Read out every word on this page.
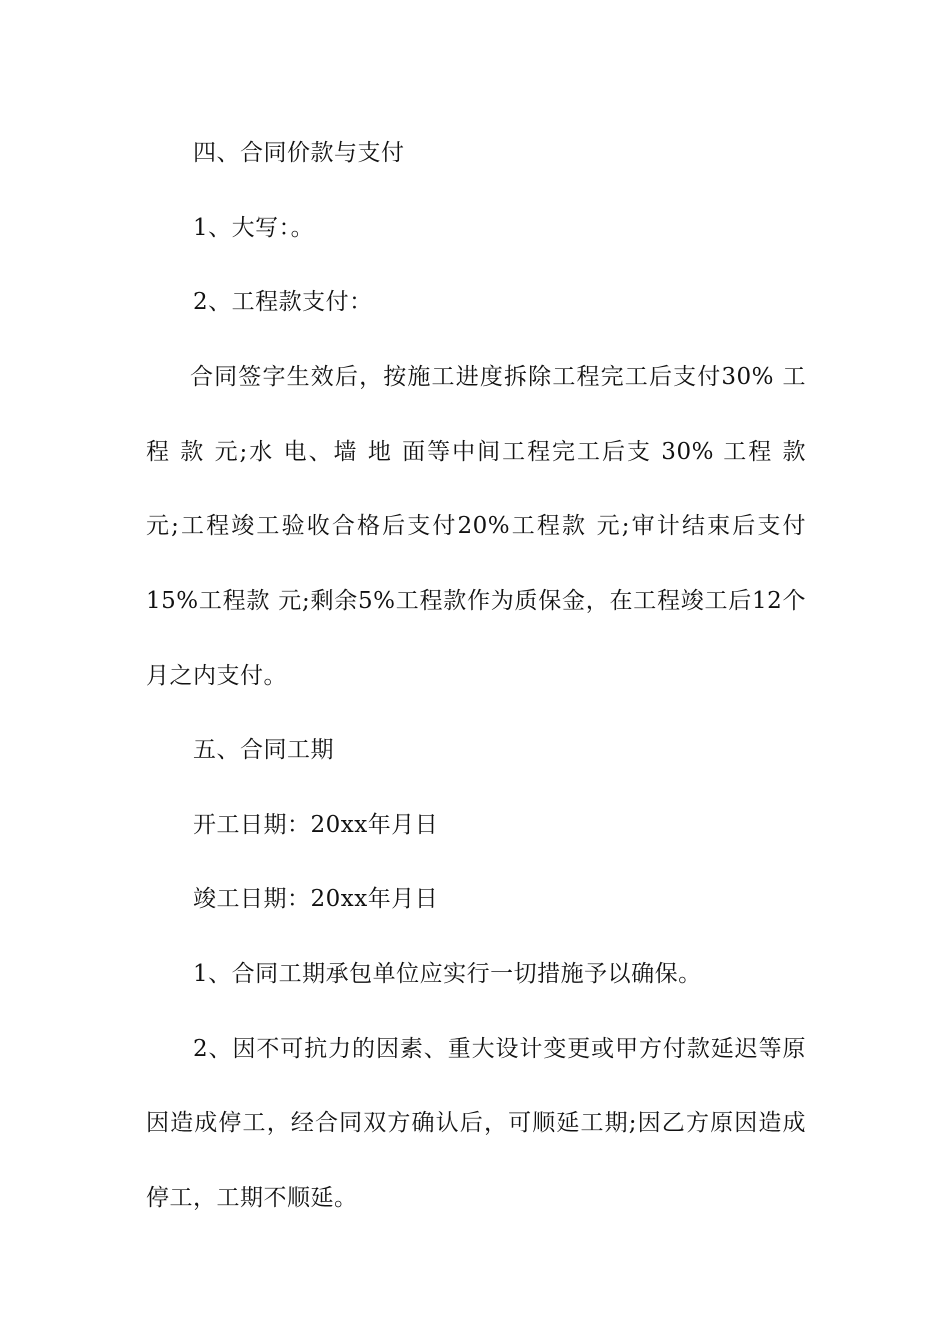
四、合同价款与支付
1、大写：。
2、工程款支付：
合同签字生效后，按施工进度拆除工程完工后支付30% 工
程 款 元;水 电、墙 地 面等中间工程完工后支 30% 工程 款
元;工程竣工验收合格后支付20%工程款 元;审计结束后支付
15%工程款 元;剩余5%工程款作为质保金，在工程竣工后12个
月之内支付。
五、合同工期
开工日期：20xx年月日
竣工日期：20xx年月日
1、合同工期承包单位应实行一切措施予以确保。
2、因不可抗力的因素、重大设计变更或甲方付款延迟等原
因造成停工，经合同双方确认后，可顺延工期;因乙方原因造成
停工，工期不顺延。
